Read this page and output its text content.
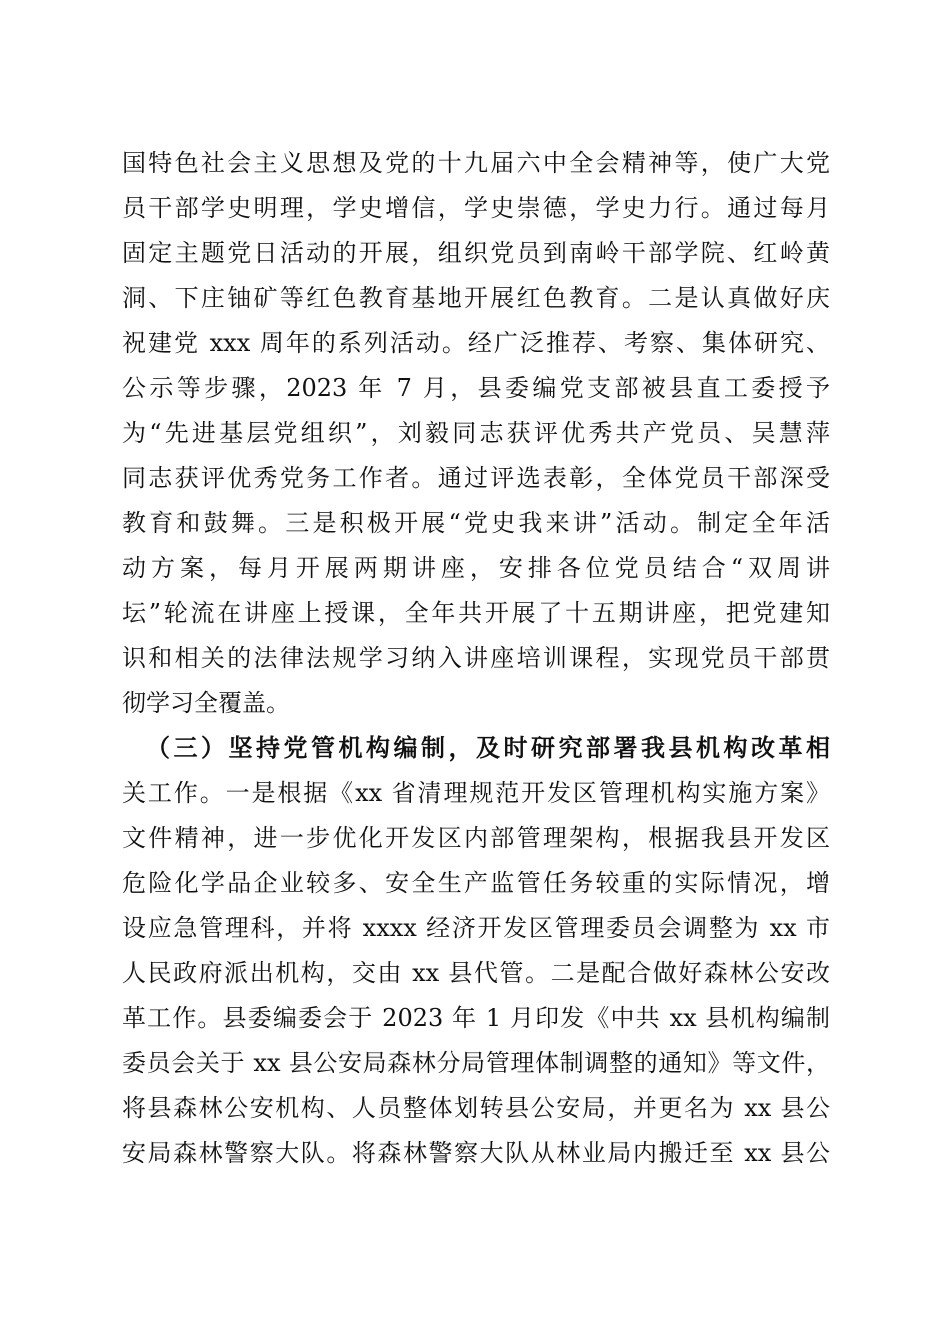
国特色社会主义思想及党的十九届六中全会精神等，使广大党
员干部学史明理，学史增信，学史崇德，学史力行。通过每月
固定主题党日活动的开展，组织党员到南岭干部学院、红岭黄
洞、下庄铀矿等红色教育基地开展红色教育。二是认真做好庆
祝建党 xxx 周年的系列活动。经广泛推荐、考察、集体研究、
公示等步骤，2023 年 7 月，县委编党支部被县直工委授予
为“先进基层党组织”，刘毅同志获评优秀共产党员、吴慧萍
同志获评优秀党务工作者。通过评选表彰，全体党员干部深受
教育和鼓舞。三是积极开展“党史我来讲”活动。制定全年活
动方案，每月开展两期讲座，安排各位党员结合“双周讲
坛”轮流在讲座上授课，全年共开展了十五期讲座，把党建知
识和相关的法律法规学习纳入讲座培训课程，实现党员干部贯
彻学习全覆盖。
（三）坚持党管机构编制，及时研究部署我县机构改革相
关工作。一是根据《xx 省清理规范开发区管理机构实施方案》
文件精神，进一步优化开发区内部管理架构，根据我县开发区
危险化学品企业较多、安全生产监管任务较重的实际情况，增
设应急管理科，并将 xxxx 经济开发区管理委员会调整为 xx 市
人民政府派出机构，交由 xx 县代管。二是配合做好森林公安改
革工作。县委编委会于 2023 年 1 月印发《中共 xx 县机构编制
委员会关于 xx 县公安局森林分局管理体制调整的通知》等文件，
将县森林公安机构、人员整体划转县公安局，并更名为 xx 县公
安局森林警察大队。将森林警察大队从林业局内搬迁至 xx 县公
